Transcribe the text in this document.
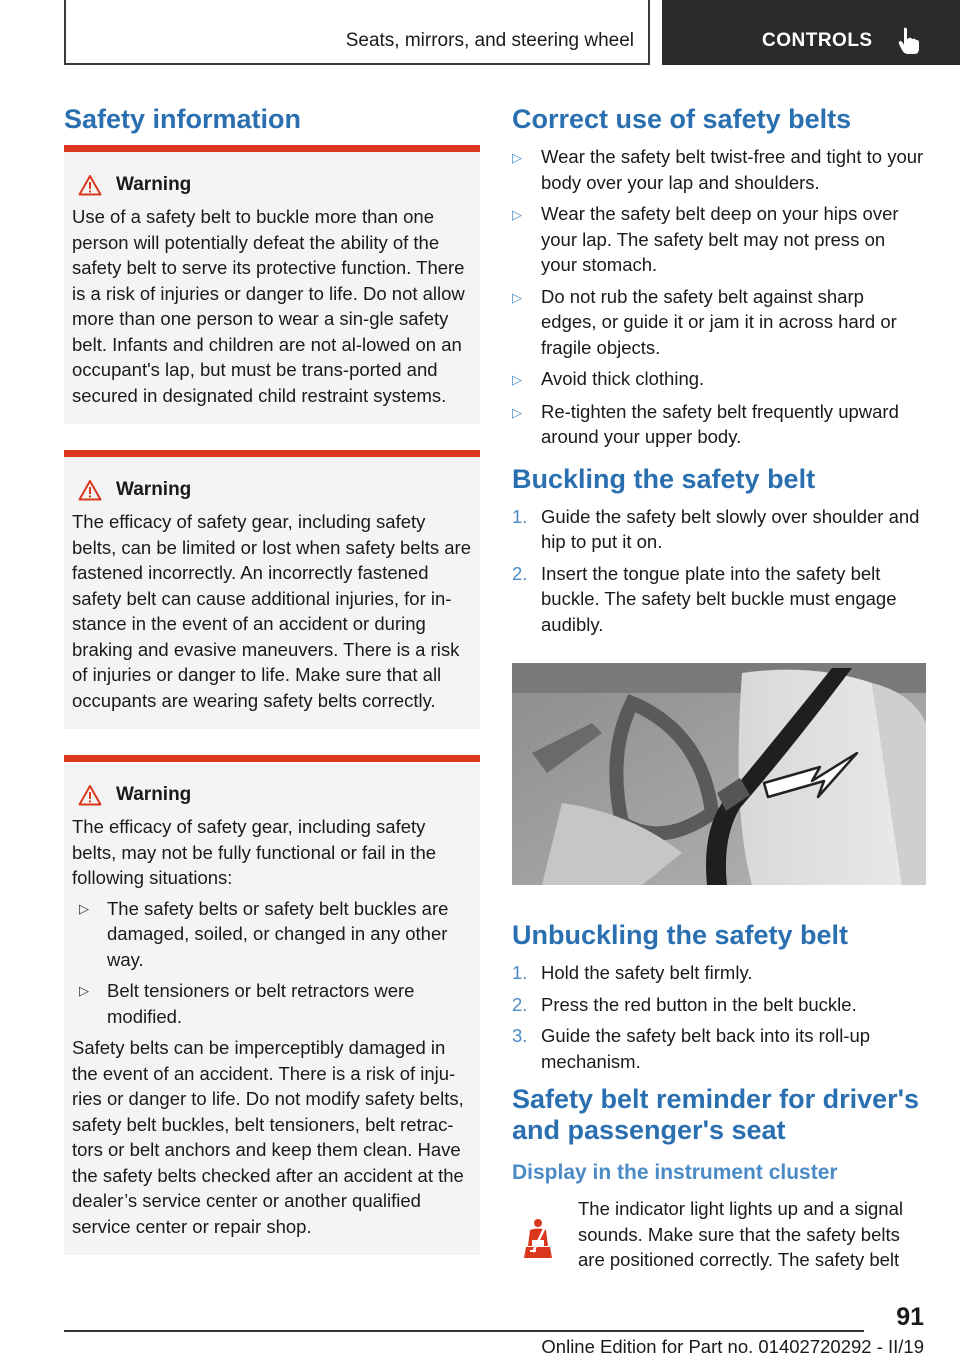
Seats, mirrors, and steering wheel	CONTROLS
Safety information
Warning

Use of a safety belt to buckle more than one person will potentially defeat the ability of the safety belt to serve its protective function. There is a risk of injuries or danger to life. Do not allow more than one person to wear a sin‐gle safety belt. Infants and children are not al‐lowed on an occupant's lap, but must be trans‐ported and secured in designated child restraint systems.

Warning

The efficacy of safety gear, including safety belts, can be limited or lost when safety belts are fastened incorrectly. An incorrectly fastened safety belt can cause additional injuries, for in‐stance in the event of an accident or during braking and evasive maneuvers. There is a risk of injuries or danger to life. Make sure that all occupants are wearing safety belts correctly.

Warning

The efficacy of safety gear, including safety belts, may not be fully functional or fail in the following situations:

▷ The safety belts or safety belt buckles are damaged, soiled, or changed in any other way.
▷ Belt tensioners or belt retractors were modified.

Safety belts can be imperceptibly damaged in the event of an accident. There is a risk of inju‐ries or danger to life. Do not modify safety belts, safety belt buckles, belt tensioners, belt retrac‐tors or belt anchors and keep them clean. Have the safety belts checked after an accident at the dealer’s service center or another qualified service center or repair shop.

Correct use of safety belts
▷	Wear the safety belt twist-free and tight to your body over your lap and shoulders.
▷	Wear the safety belt deep on your hips over your lap. The safety belt may not press on your stomach.
▷	Do not rub the safety belt against sharp edges, or guide it or jam it in across hard or fragile objects.
▷	Avoid thick clothing.
▷	Re-tighten the safety belt frequently upward around your upper body.
Buckling the safety belt
1. Guide the safety belt slowly over shoulder and hip to put it on.
2. Insert the tongue plate into the safety belt buckle. The safety belt buckle must engage audibly.
Unbuckling the safety belt
1. Hold the safety belt firmly.
2. Press the red button in the belt buckle.
3. Guide the safety belt back into its roll-up mechanism.
Safety belt reminder for driver's and passenger's seat
Display in the instrument cluster

The indicator light lights up and a signal sounds. Make sure that the safety belts are positioned correctly. The safety belt

91
Online Edition for Part no. 01402720292 - II/19
